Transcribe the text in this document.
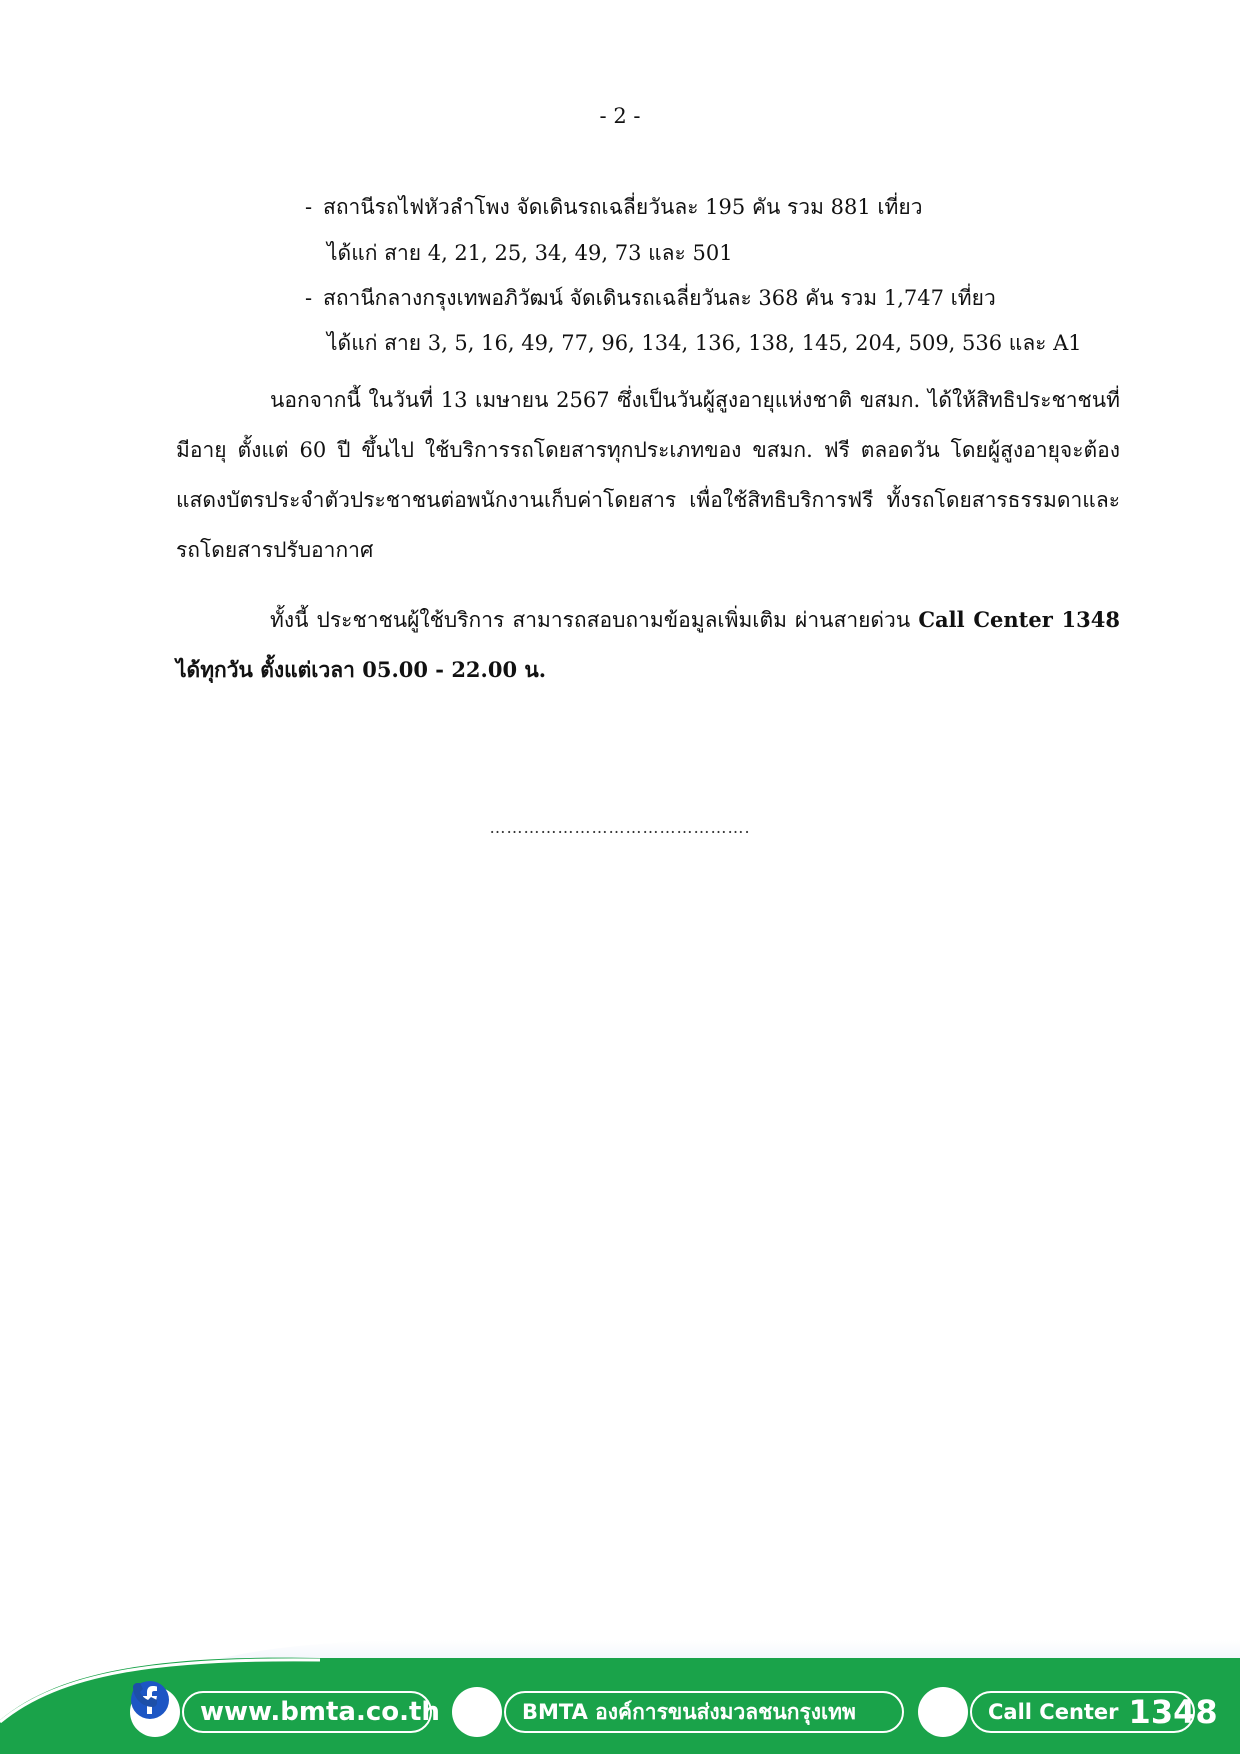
- 2 -
- สถานีรถไฟหัวลำโพง จัดเดินรถเฉลี่ยวันละ 195 คัน รวม 881 เที่ยว
ได้แก่ สาย 4, 21, 25, 34, 49, 73 และ 501
- สถานีกลางกรุงเทพอภิวัฒน์ จัดเดินรถเฉลี่ยวันละ 368 คัน รวม 1,747 เที่ยว
ได้แก่ สาย 3, 5, 16, 49, 77, 96, 134, 136, 138, 145, 204, 509, 536 และ A1
นอกจากนี้ ในวันที่ 13 เมษายน 2567 ซึ่งเป็นวันผู้สูงอายุแห่งชาติ ขสมก. ได้ให้สิทธิประชาชนที่มีอายุ ตั้งแต่ 60 ปี ขึ้นไป ใช้บริการรถโดยสารทุกประเภทของ ขสมก. ฟรี ตลอดวัน โดยผู้สูงอายุจะต้องแสดงบัตรประจำตัวประชาชนต่อพนักงานเก็บค่าโดยสาร เพื่อใช้สิทธิบริการฟรี ทั้งรถโดยสารธรรมดาและรถโดยสารปรับอากาศ
ทั้งนี้ ประชาชนผู้ใช้บริการ สามารถสอบถามข้อมูลเพิ่มเติม ผ่านสายด่วน Call Center 1348 ได้ทุกวัน ตั้งแต่เวลา 05.00 - 22.00 น.
……………………………………….
www.bmta.co.th	BMTA องค์การขนส่งมวลชนกรุงเทพ	Call Center 1348
